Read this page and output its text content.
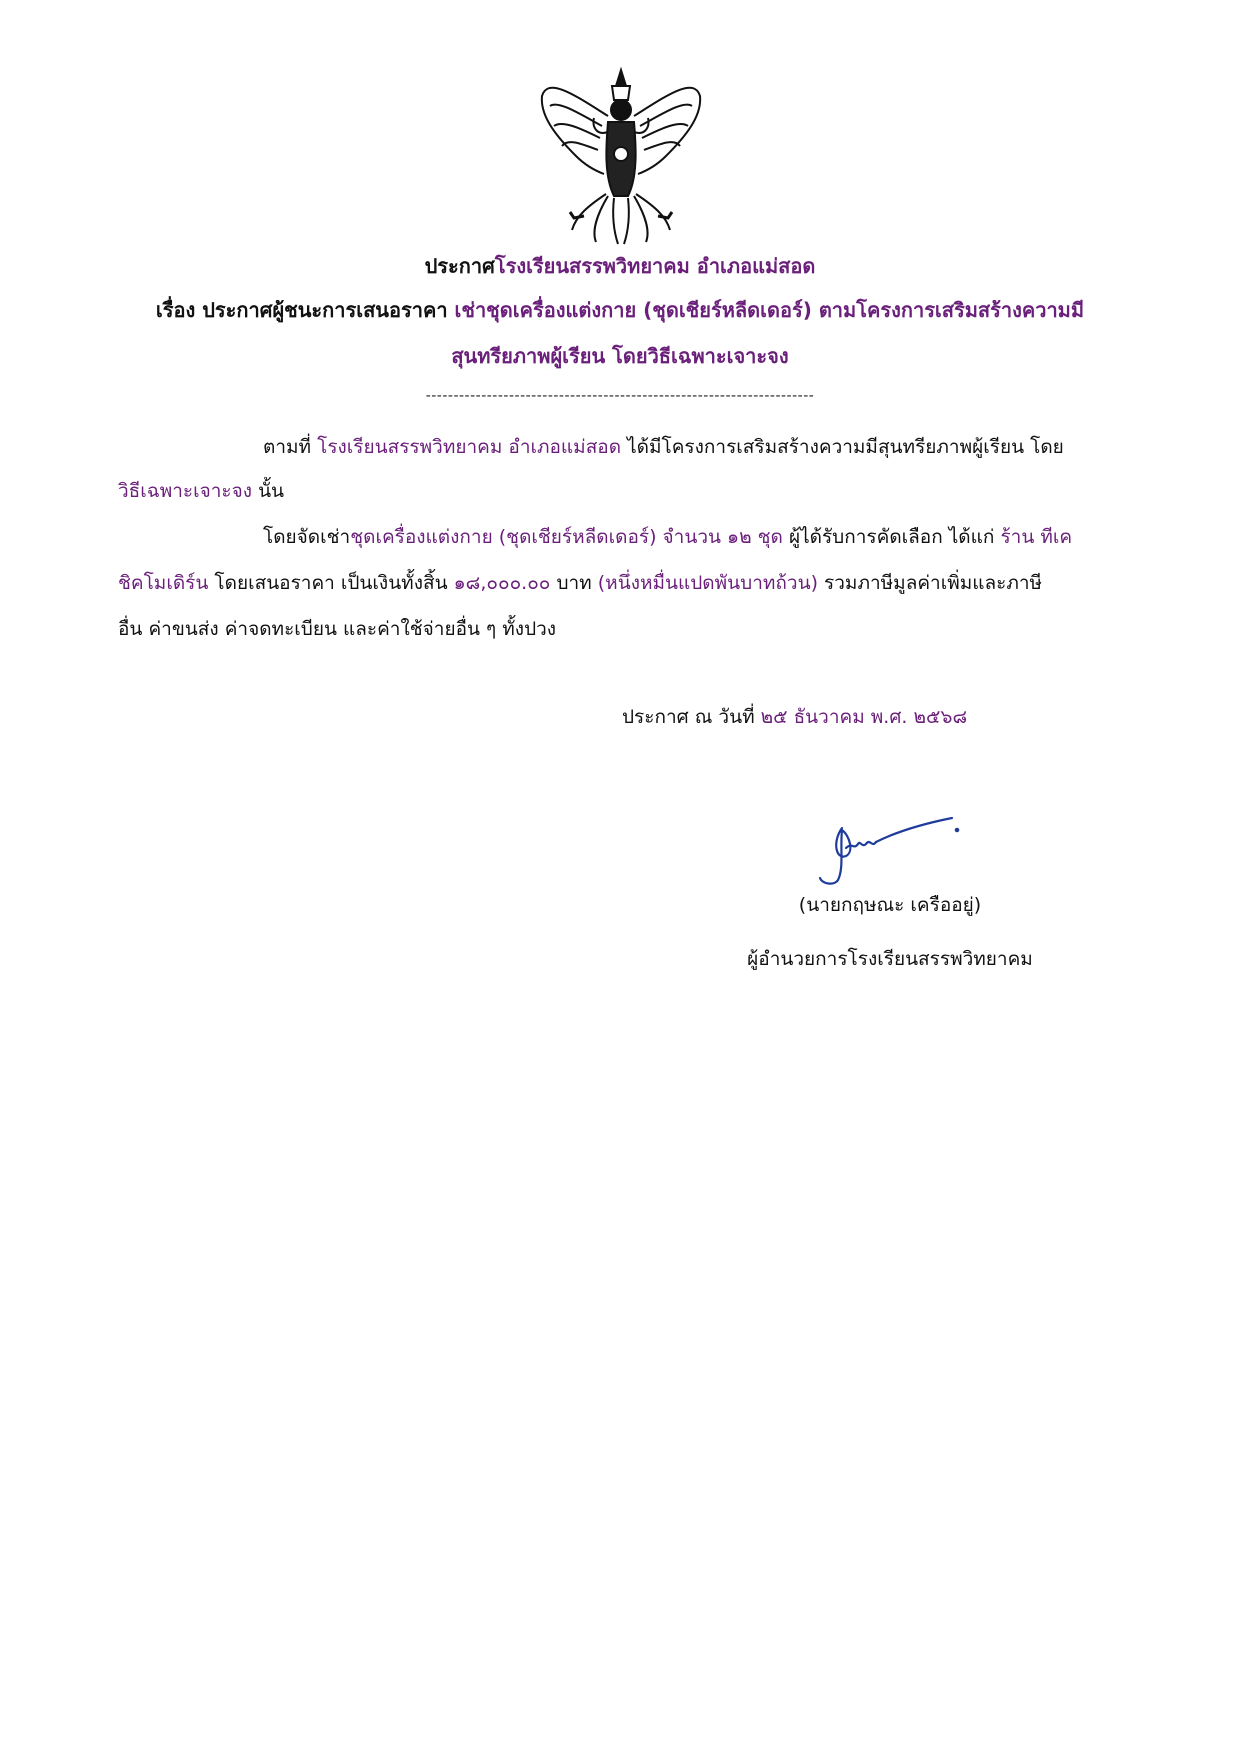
ประกาศโรงเรียนสรรพวิทยาคม อำเภอแม่สอด
เรื่อง ประกาศผู้ชนะการเสนอราคา เช่าชุดเครื่องแต่งกาย (ชุดเชียร์หลีดเดอร์) ตามโครงการเสริมสร้างความมี
สุนทรียภาพผู้เรียน โดยวิธีเฉพาะเจาะจง
----------------------------------------------------------------------
ตามที่ โรงเรียนสรรพวิทยาคม อำเภอแม่สอด ได้มีโครงการเสริมสร้างความมีสุนทรียภาพผู้เรียน โดย
วิธีเฉพาะเจาะจง นั้น
โดยจัดเช่าชุดเครื่องแต่งกาย (ชุดเชียร์หลีดเดอร์) จำนวน ๑๒ ชุด ผู้ได้รับการคัดเลือก ได้แก่ ร้าน ทีเค
ชิคโมเดิร์น โดยเสนอราคา เป็นเงินทั้งสิ้น ๑๘,๐๐๐.๐๐ บาท (หนึ่งหมื่นแปดพันบาทถ้วน) รวมภาษีมูลค่าเพิ่มและภาษี
อื่น ค่าขนส่ง ค่าจดทะเบียน และค่าใช้จ่ายอื่น ๆ ทั้งปวง
ประกาศ ณ วันที่ ๒๕ ธันวาคม พ.ศ. ๒๕๖๘
(นายกฤษณะ เครืออยู่)
ผู้อำนวยการโรงเรียนสรรพวิทยาคม
